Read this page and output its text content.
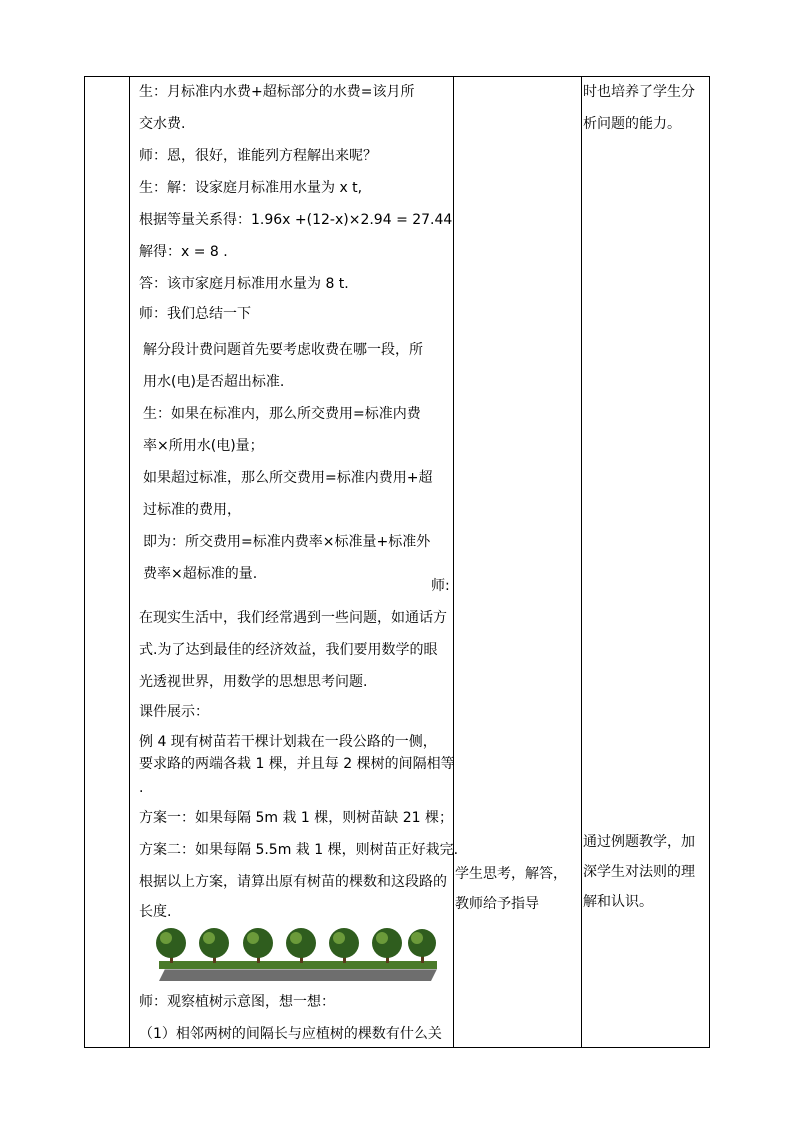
生：月标准内水费+超标部分的水费=该月所
交水费.
师：恩，很好，谁能列方程解出来呢？
生：解：设家庭月标准用水量为 x t,
根据等量关系得：1.96x +(12-x)×2.94 = 27.44
解得：x = 8 .
答：该市家庭月标准用水量为 8 t.
师：我们总结一下
解分段计费问题首先要考虑收费在哪一段，所
用水(电)是否超出标准.
生：如果在标准内，那么所交费用=标准内费
率×所用水(电)量；
如果超过标准，那么所交费用=标准内费用+超
过标准的费用，
即为：所交费用=标准内费率×标准量+标准外
费率×超标准的量.
师:
在现实生活中，我们经常遇到一些问题，如通话方
式.为了达到最佳的经济效益，我们要用数学的眼
光透视世界，用数学的思想思考问题.
课件展示：
例 4 现有树苗若干棵计划栽在一段公路的一侧，
要求路的两端各栽 1 棵，并且每 2 棵树的间隔相等
.
方案一：如果每隔 5m 栽 1 棵，则树苗缺 21 棵；
方案二：如果每隔 5.5m 栽 1 棵，则树苗正好栽完.
根据以上方案，请算出原有树苗的棵数和这段路的
长度.
师：观察植树示意图，想一想：
（1）相邻两树的间隔长与应植树的棵数有什么关
学生思考，解答，
教师给予指导
时也培养了学生分
析问题的能力。
通过例题教学，加
深学生对法则的理
解和认识。
